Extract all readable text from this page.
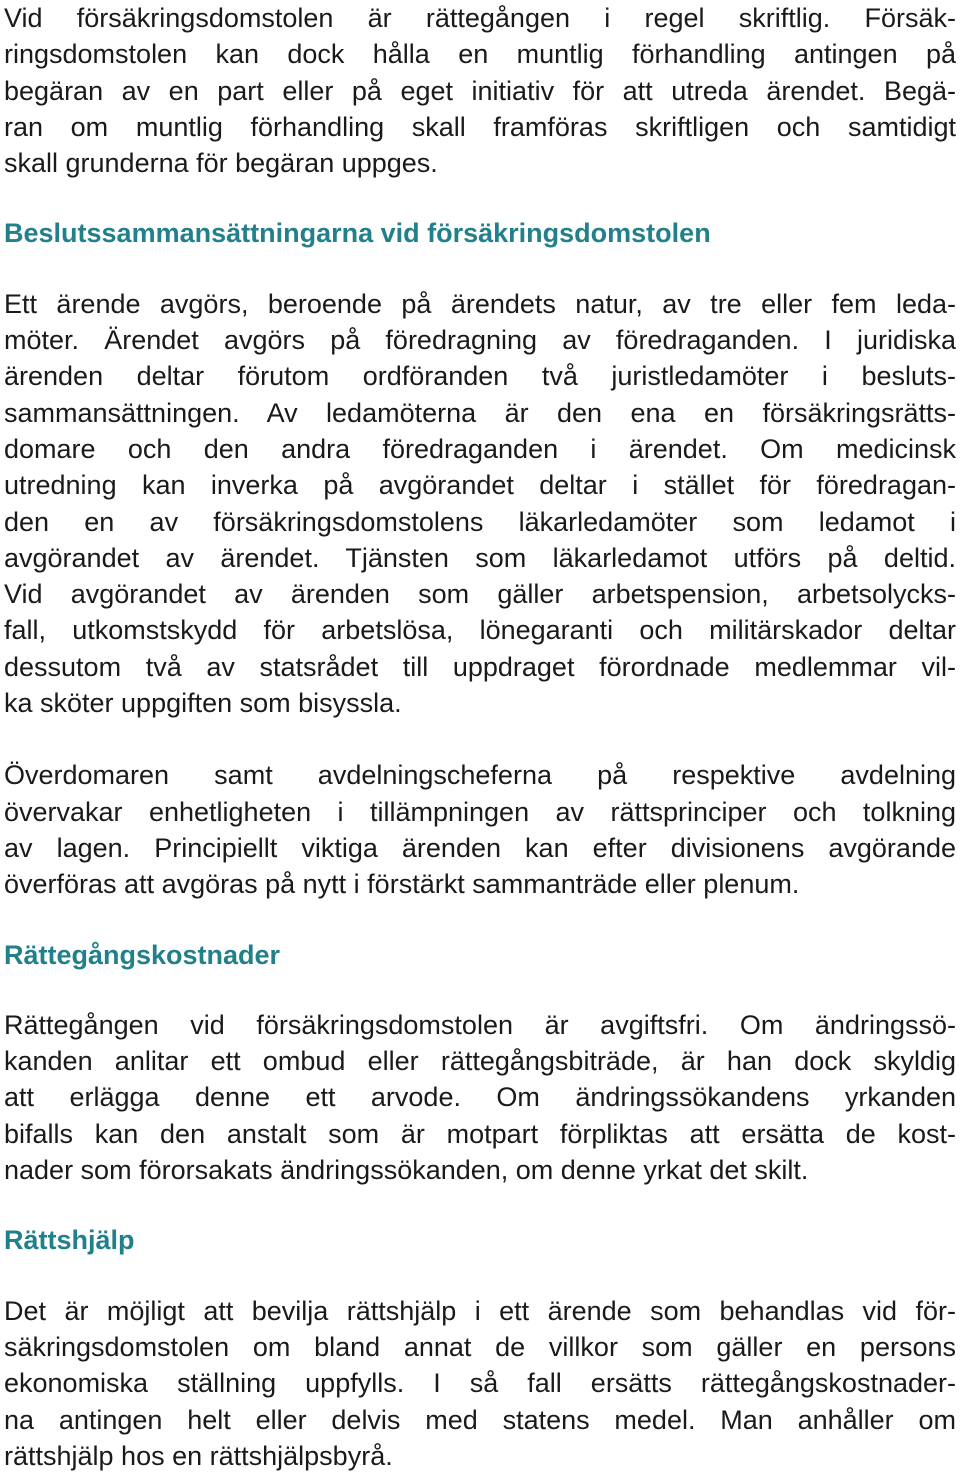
Vid försäkringsdomstolen är rättegången i regel skriftlig. Försäk-
ringsdomstolen kan dock hålla en muntlig förhandling antingen på
begäran av en part eller på eget initiativ för att utreda ärendet. Begä-
ran om muntlig förhandling skall framföras skriftligen och samtidigt
skall grunderna för begäran uppges.
Beslutssammansättningarna vid försäkringsdomstolen
Ett ärende avgörs, beroende på ärendets natur, av tre eller fem leda-
möter. Ärendet avgörs på föredragning av föredraganden. I juridiska
ärenden deltar förutom ordföranden två juristledamöter i besluts-
sammansättningen. Av ledamöterna är den ena en försäkringsrätts-
domare och den andra föredraganden i ärendet. Om medicinsk
utredning kan inverka på avgörandet deltar i stället för föredragan-
den en av försäkringsdomstolens läkarledamöter som ledamot i
avgörandet av ärendet. Tjänsten som läkarledamot utförs på deltid.
Vid avgörandet av ärenden som gäller arbetspension, arbetsolycks-
fall, utkomstskydd för arbetslösa, lönegaranti och militärskador deltar
dessutom två av statsrådet till uppdraget förordnade medlemmar vil-
ka sköter uppgiften som bisyssla.
Överdomaren samt avdelningscheferna på respektive avdelning
övervakar enhetligheten i tillämpningen av rättsprinciper och tolkning
av lagen. Principiellt viktiga ärenden kan efter divisionens avgörande
överföras att avgöras på nytt i förstärkt sammanträde eller plenum.
Rättegångskostnader
Rättegången vid försäkringsdomstolen är avgiftsfri. Om ändringssö-
kanden anlitar ett ombud eller rättegångsbiträde, är han dock skyldig
att erlägga denne ett arvode. Om ändringssökandens yrkanden
bifalls kan den anstalt som är motpart förpliktas att ersätta de kost-
nader som förorsakats ändringssökanden, om denne yrkat det skilt.
Rättshjälp
Det är möjligt att bevilja rättshjälp i ett ärende som behandlas vid för-
säkringsdomstolen om bland annat de villkor som gäller en persons
ekonomiska ställning uppfylls. I så fall ersätts rättegångskostnader-
na antingen helt eller delvis med statens medel. Man anhåller om
rättshjälp hos en rättshjälpsbyrå.
